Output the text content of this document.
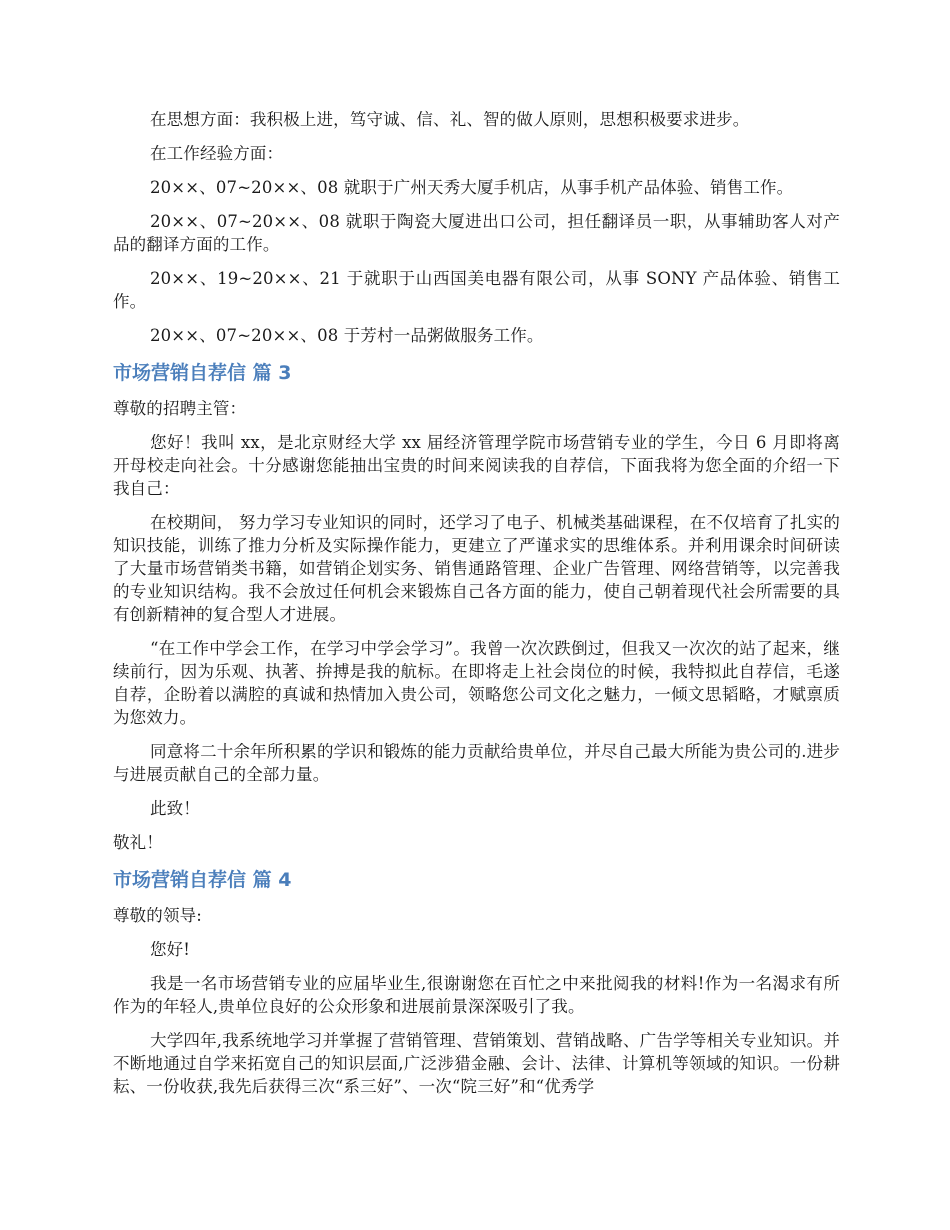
在思想方面：我积极上进，笃守诚、信、礼、智的做人原则，思想积极要求进步。

在工作经验方面：

20××、07~20××、08 就职于广州天秀大厦手机店，从事手机产品体验、销售工作。

20××、07~20××、08 就职于陶瓷大厦进出口公司，担任翻译员一职，从事辅助客人对产品的翻译方面的工作。

20××、19~20××、21 于就职于山西国美电器有限公司，从事 SONY 产品体验、销售工作。

20××、07~20××、08 于芳村一品粥做服务工作。

市场营销自荐信 篇 3

尊敬的招聘主管：

您好！我叫 xx，是北京财经大学 xx 届经济管理学院市场营销专业的学生，今日 6 月即将离开母校走向社会。十分感谢您能抽出宝贵的时间来阅读我的自荐信，下面我将为您全面的介绍一下我自己：

在校期间， 努力学习专业知识的同时，还学习了电子、机械类基础课程，在不仅培育了扎实的知识技能，训练了推力分析及实际操作能力，更建立了严谨求实的思维体系。并利用课余时间研读了大量市场营销类书籍，如营销企划实务、销售通路管理、企业广告管理、网络营销等，以完善我的专业知识结构。我不会放过任何机会来锻炼自己各方面的能力，使自己朝着现代社会所需要的具有创新精神的复合型人才进展。

“在工作中学会工作，在学习中学会学习”。我曾一次次跌倒过，但我又一次次的站了起来，继续前行，因为乐观、执著、拚搏是我的航标。在即将走上社会岗位的时候，我特拟此自荐信，毛遂自荐，企盼着以满腔的真诚和热情加入贵公司，领略您公司文化之魅力，一倾文思韬略，才赋禀质为您效力。

同意将二十余年所积累的学识和锻炼的能力贡献给贵单位，并尽自己最大所能为贵公司的.进步与进展贡献自己的全部力量。

此致！

敬礼！

市场营销自荐信 篇 4

尊敬的领导:

您好!

我是一名市场营销专业的应届毕业生,很谢谢您在百忙之中来批阅我的材料!作为一名渴求有所作为的年轻人,贵单位良好的公众形象和进展前景深深吸引了我。

大学四年,我系统地学习并掌握了营销管理、营销策划、营销战略、广告学等相关专业知识。并不断地通过自学来拓宽自己的知识层面,广泛涉猎金融、会计、法律、计算机等领域的知识。一份耕耘、一份收获,我先后获得三次“系三好”、一次“院三好”和“优秀学
